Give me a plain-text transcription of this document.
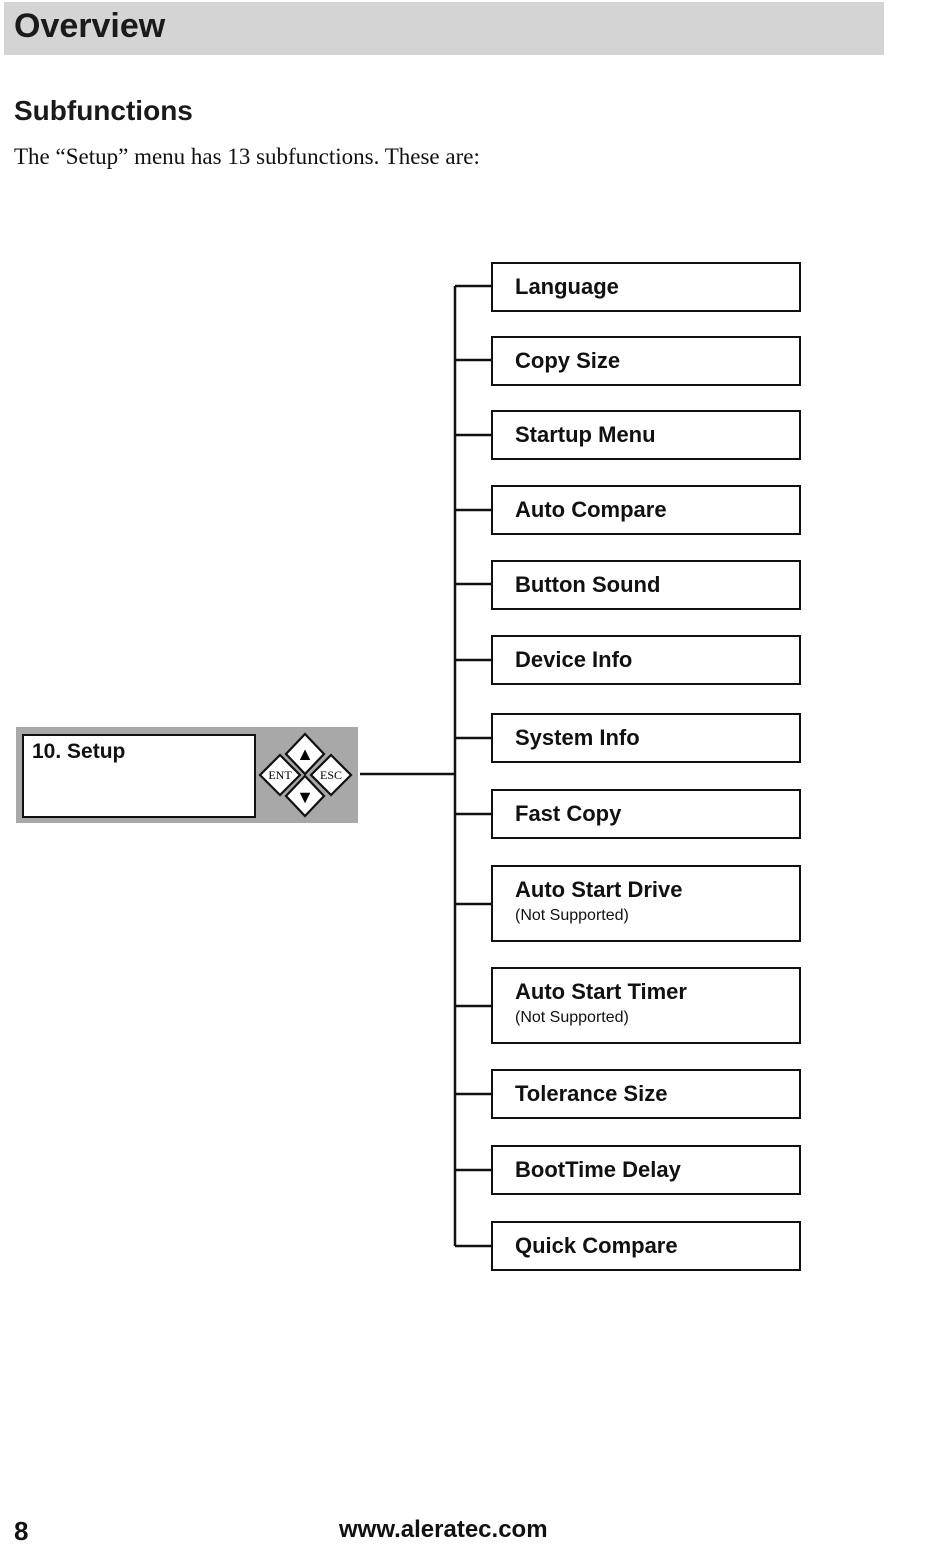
Overview
Subfunctions
The “Setup” menu has 13 subfunctions. These are:
10. Setup	▲
ENT ESC
▼
Language
Copy Size
Startup Menu
Auto Compare
Button Sound
Device Info
System Info
Fast Copy
Auto Start Drive
(Not Supported)
Auto Start Timer
(Not Supported)
Tolerance Size
BootTime Delay
Quick Compare
8	www.aleratec.com
